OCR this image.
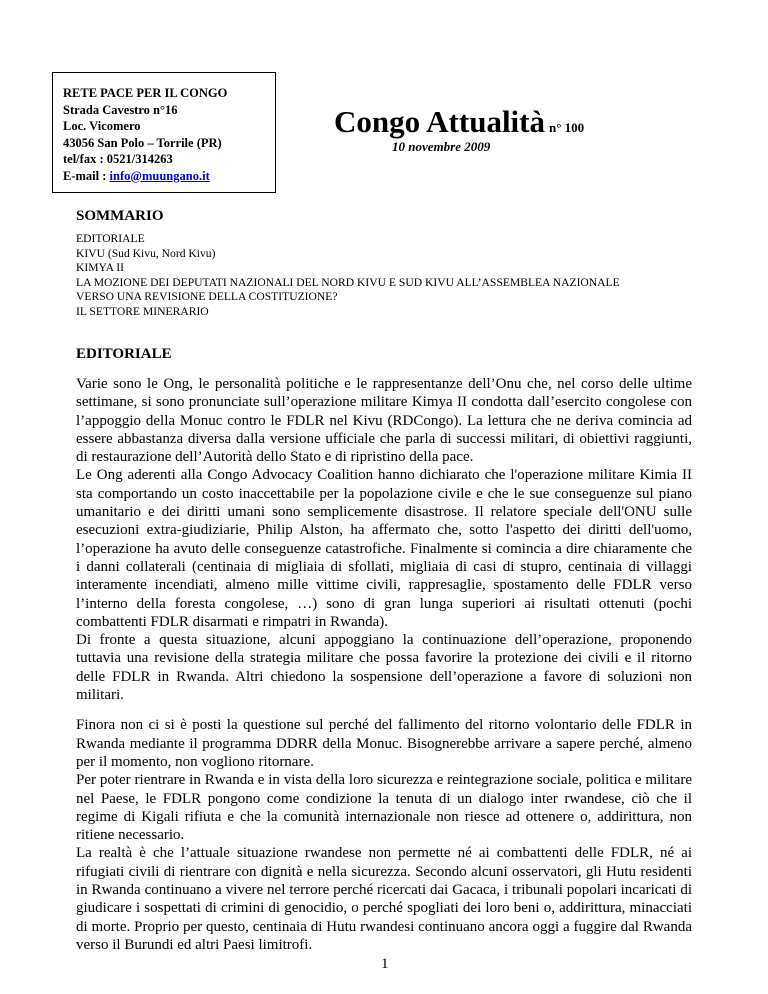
RETE PACE PER IL CONGO
Strada Cavestro n°16
Loc. Vicomero
43056 San Polo – Torrile (PR)
tel/fax : 0521/314263
E-mail : info@muungano.it
Congo Attualità n° 100
10 novembre 2009
SOMMARIO
EDITORIALE
KIVU (Sud Kivu, Nord Kivu)
KIMYA II
LA MOZIONE DEI DEPUTATI NAZIONALI DEL NORD KIVU E SUD KIVU ALL’ASSEMBLEA NAZIONALE
VERSO UNA REVISIONE DELLA COSTITUZIONE?
IL SETTORE MINERARIO
EDITORIALE

Varie sono le Ong, le personalità politiche e le rappresentanze dell’Onu che, nel corso delle ultime settimane, si sono pronunciate sull’operazione militare Kimya II condotta dall’esercito congolese con l’appoggio della Monuc contro le FDLR nel Kivu (RDCongo). La lettura che ne deriva comincia ad essere abbastanza diversa dalla versione ufficiale che parla di successi militari, di obiettivi raggiunti, di restaurazione dell’Autorità dello Stato e di ripristino della pace.

Le Ong aderenti alla Congo Advocacy Coalition hanno dichiarato che l'operazione militare Kimia II sta comportando un costo inaccettabile per la popolazione civile e che le sue conseguenze sul piano umanitario e dei diritti umani sono semplicemente disastrose. Il relatore speciale dell'ONU sulle esecuzioni extra-giudiziarie, Philip Alston, ha affermato che, sotto l'aspetto dei diritti dell'uomo, l’operazione ha avuto delle conseguenze catastrofiche. Finalmente si comincia a dire chiaramente che i danni collaterali (centinaia di migliaia di sfollati, migliaia di casi di stupro, centinaia di villaggi interamente incendiati, almeno mille vittime civili, rappresaglie, spostamento delle FDLR verso l’interno della foresta congolese, …) sono di gran lunga superiori ai risultati ottenuti (pochi combattenti FDLR disarmati e rimpatri in Rwanda).

Di fronte a questa situazione, alcuni appoggiano la continuazione dell’operazione, proponendo tuttavia una revisione della strategia militare che possa favorire la protezione dei civili e il ritorno delle FDLR in Rwanda. Altri chiedono la sospensione dell’operazione a favore di soluzioni non militari.

Finora non ci si è posti la questione sul perché del fallimento del ritorno volontario delle FDLR in Rwanda mediante il programma DDRR della Monuc. Bisognerebbe arrivare a sapere perché, almeno per il momento, non vogliono ritornare.

Per poter rientrare in Rwanda e in vista della loro sicurezza e reintegrazione sociale, politica e militare nel Paese, le FDLR pongono come condizione la tenuta di un dialogo inter rwandese, ciò che il regime di Kigali rifiuta e che la comunità internazionale non riesce ad ottenere o, addirittura, non ritiene necessario.

La realtà è che l’attuale situazione rwandese non permette né ai combattenti delle FDLR, né ai rifugiati civili di rientrare con dignità e nella sicurezza. Secondo alcuni osservatori, gli Hutu residenti in Rwanda continuano a vivere nel terrore perché ricercati dai Gacaca, i tribunali popolari incaricati di giudicare i sospettati di crimini di genocidio, o perché spogliati dei loro beni o, addirittura, minacciati di morte. Proprio per questo, centinaia di Hutu rwandesi continuano ancora oggi a fuggire dal Rwanda verso il Burundi ed altri Paesi limitrofi.

1
